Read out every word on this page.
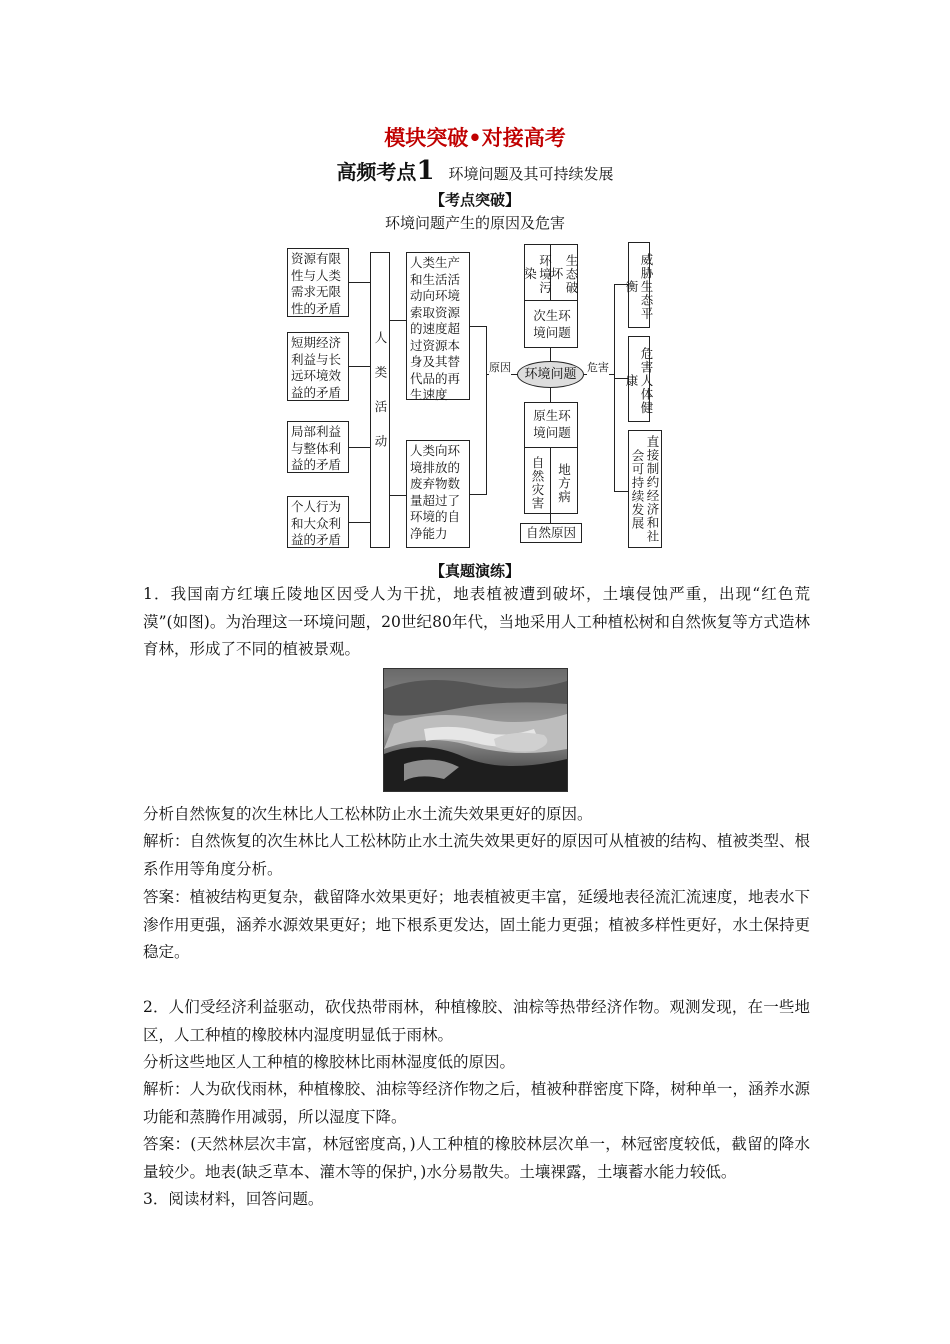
模块突破•对接高考
高频考点1 环境问题及其可持续发展
【考点突破】
环境问题产生的原因及危害
资源有限性与人类需求无限性的矛盾
短期经济利益与长远环境效益的矛盾
局部利益与整体利益的矛盾
个人行为和大众利益的矛盾
人类活动
人类生产和生活活动向环境索取资源的速度超过资源本身及其替代品的再生速度
人类向环境排放的废弃物数量超过了环境的自净能力
原因	环境问题
环境污染	生态破坏
次生环境问题
原生环境问题
自然灾害 地方病
自然原因
危害
威胁生态平衡
危害人体健康
直接制约经济和社会可持续发展
【真题演练】
1．我国南方红壤丘陵地区因受人为干扰，地表植被遭到破坏，土壤侵蚀严重，出现“红色荒漠”(如图)。为治理这一环境问题，20世纪80年代，当地采用人工种植松树和自然恢复等方式造林育林，形成了不同的植被景观。
分析自然恢复的次生林比人工松林防止水土流失效果更好的原因。
解析：自然恢复的次生林比人工松林防止水土流失效果更好的原因可从植被的结构、植被类型、根系作用等角度分析。
答案：植被结构更复杂，截留降水效果更好；地表植被更丰富，延缓地表径流汇流速度，地表水下渗作用更强，涵养水源效果更好；地下根系更发达，固土能力更强；植被多样性更好，水土保持更稳定。
2．人们受经济利益驱动，砍伐热带雨林，种植橡胶、油棕等热带经济作物。观测发现，在一些地区，人工种植的橡胶林内湿度明显低于雨林。
分析这些地区人工种植的橡胶林比雨林湿度低的原因。
解析：人为砍伐雨林，种植橡胶、油棕等经济作物之后，植被种群密度下降，树种单一，涵养水源功能和蒸腾作用减弱，所以湿度下降。
答案：(天然林层次丰富，林冠密度高，)人工种植的橡胶林层次单一，林冠密度较低，截留的降水量较少。地表(缺乏草本、灌木等的保护，)水分易散失。土壤裸露，土壤蓄水能力较低。
3．阅读材料，回答问题。
